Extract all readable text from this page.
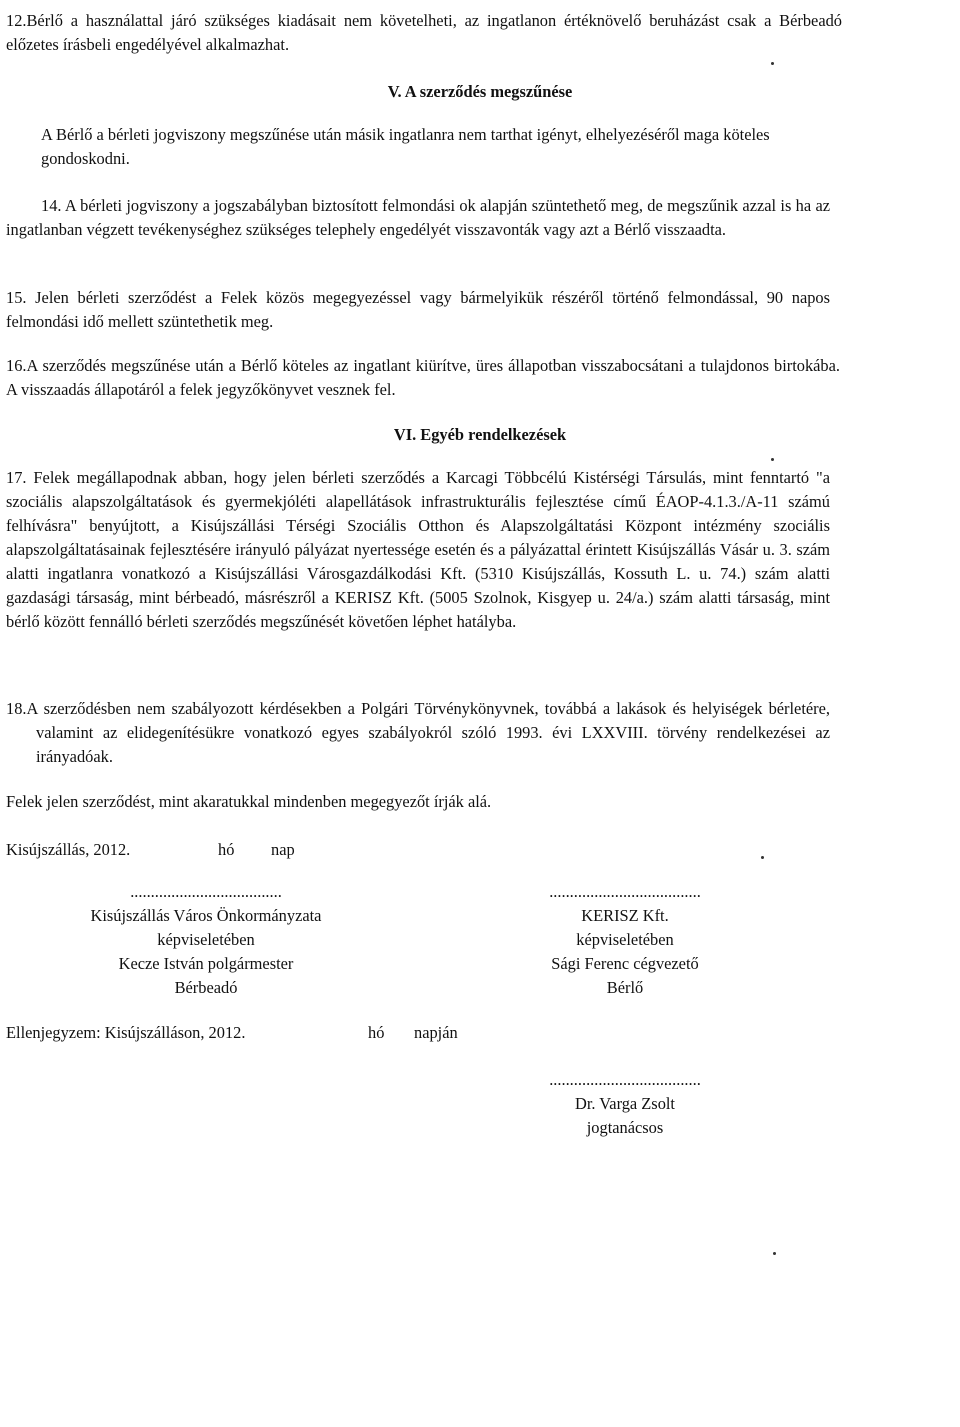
12.Bérlő a használattal járó szükséges kiadásait nem követelheti, az ingatlanon értéknövelő beruházást csak a Bérbeadó előzetes írásbeli engedélyével alkalmazhat.

V. A szerződés megszűnése

A Bérlő a bérleti jogviszony megszűnése után másik ingatlanra nem tarthat igényt, elhelyezéséről maga köteles gondoskodni.

14. A bérleti jogviszony a jogszabályban biztosított felmondási ok alapján szüntethető meg, de megszűnik azzal is ha az ingatlanban végzett tevékenységhez szükséges telephely engedélyét visszavonták vagy azt a Bérlő visszaadta.

15. Jelen bérleti szerződést a Felek közös megegyezéssel vagy bármelyikük részéről történő felmondással, 90 napos felmondási idő mellett szüntethetik meg.

16.A szerződés megszűnése után a Bérlő köteles az ingatlant kiürítve, üres állapotban visszabocsátani a tulajdonos birtokába. A visszaadás állapotáról a felek jegyzőkönyvet vesznek fel.

VI. Egyéb rendelkezések

17. Felek megállapodnak abban, hogy jelen bérleti szerződés a Karcagi Többcélú Kistérségi Társulás, mint fenntartó "a szociális alapszolgáltatások és gyermekjóléti alapellátások infrastrukturális fejlesztése című ÉAOP-4.1.3./A-11 számú felhívásra" benyújtott, a Kisújszállási Térségi Szociális Otthon és Alapszolgáltatási Központ intézmény szociális alapszolgáltatásainak fejlesztésére irányuló pályázat nyertessége esetén és a pályázattal érintett Kisújszállás Vásár u. 3. szám alatti ingatlanra vonatkozó a Kisújszállási Városgazdálkodási Kft. (5310 Kisújszállás, Kossuth L. u. 74.) szám alatti gazdasági társaság, mint bérbeadó, másrészről a KERISZ Kft. (5005 Szolnok, Kisgyep u. 24/a.) szám alatti társaság, mint bérlő között fennálló bérleti szerződés megszűnését követően léphet hatályba.

18.A szerződésben nem szabályozott kérdésekben a Polgári Törvénykönyvnek, továbbá a lakások és helyiségek bérletére, valamint az elidegenítésükre vonatkozó egyes szabályokról szóló 1993. évi LXXVIII. törvény rendelkezései az irányadóak.

Felek jelen szerződést, mint akaratukkal mindenben megegyezőt írják alá.
Kisújszállás, 2012.	hó nap
.....................................
Kisújszállás Város Önkormányzata
képviseletében
Kecze István polgármester
Bérbeadó
.....................................
KERISZ Kft.
képviseletében
Sági Ferenc cégvezető
Bérlő
Ellenjegyzem: Kisújszálláson, 2012.	hó napján
.....................................
Dr. Varga Zsolt
jogtanácsos
